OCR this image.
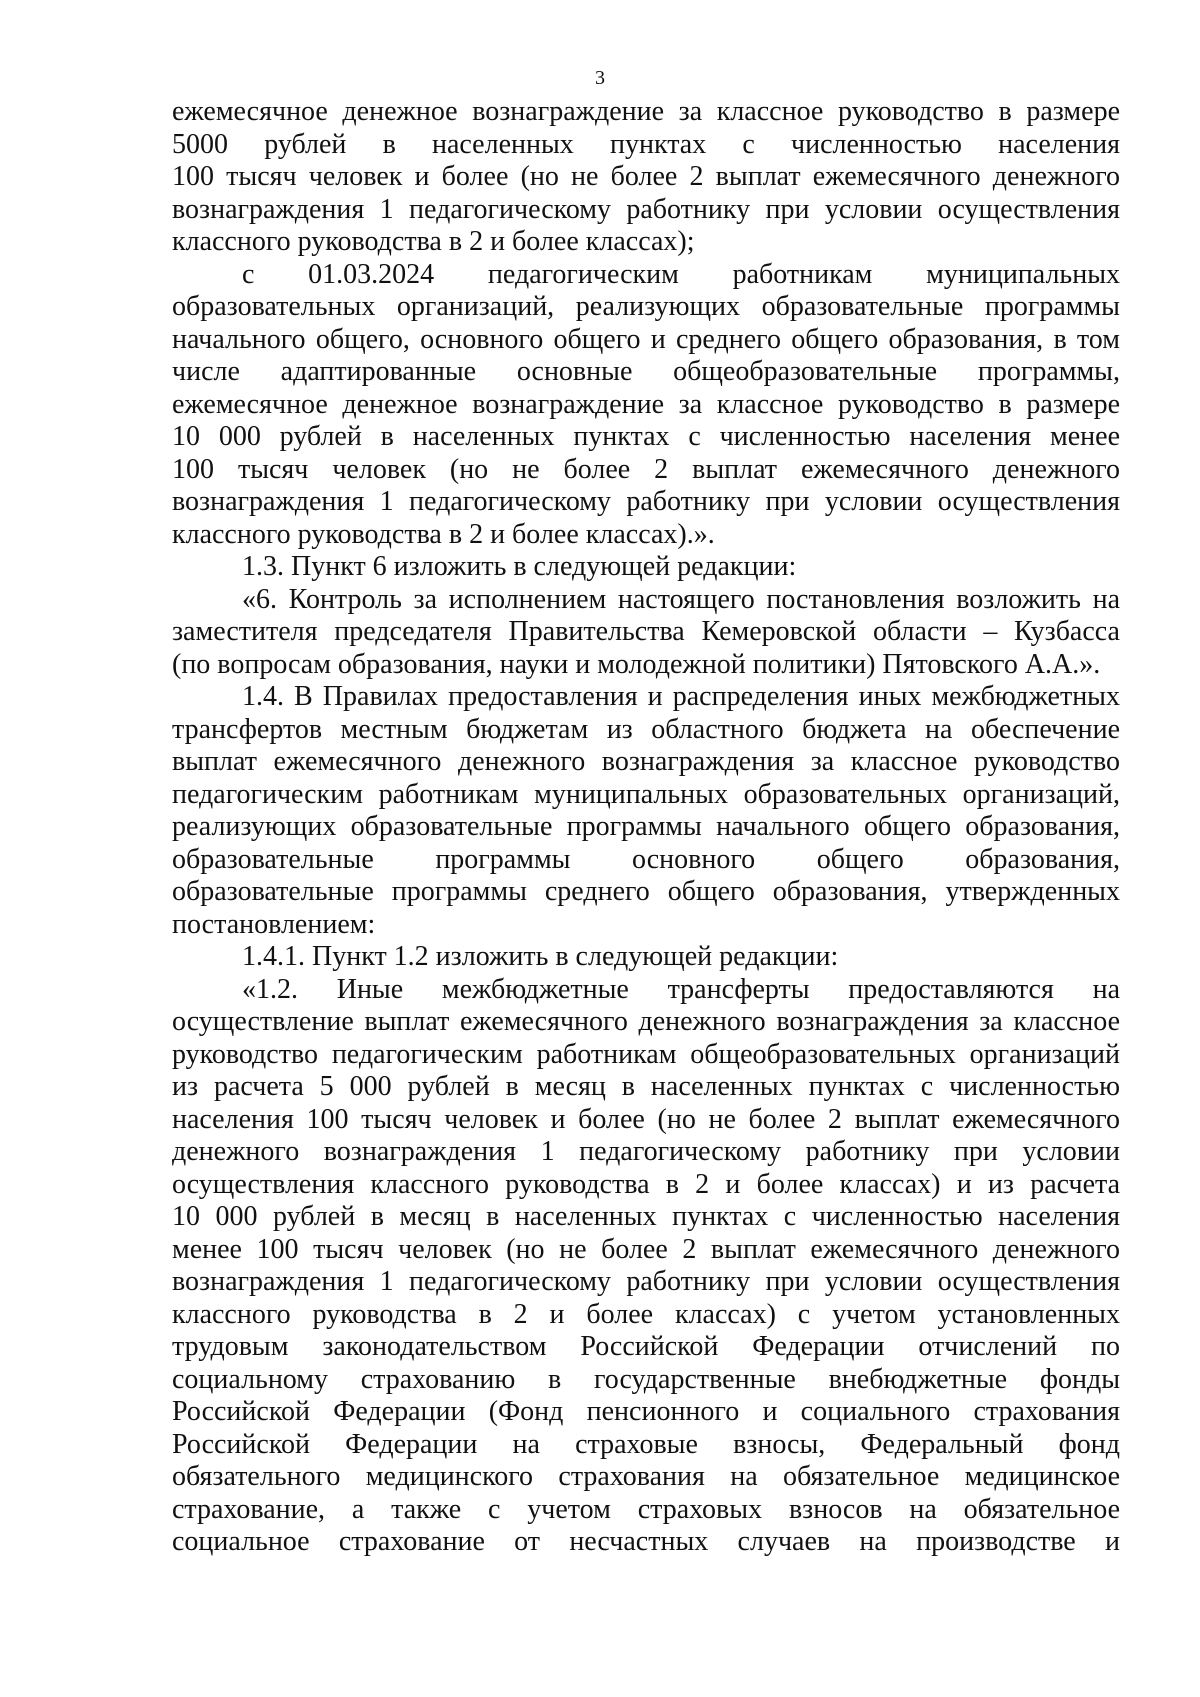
3
ежемесячное денежное вознаграждение за классное руководство в размере
5000 рублей в населенных пунктах с численностью населения
100 тысяч человек и более (но не более 2 выплат ежемесячного денежного
вознаграждения 1 педагогическому работнику при условии осуществления
классного руководства в 2 и более классах);
с 01.03.2024 педагогическим работникам муниципальных
образовательных организаций, реализующих образовательные программы
начального общего, основного общего и среднего общего образования, в том
числе адаптированные основные общеобразовательные программы,
ежемесячное денежное вознаграждение за классное руководство в размере
10 000 рублей в населенных пунктах с численностью населения менее
100 тысяч человек (но не более 2 выплат ежемесячного денежного
вознаграждения 1 педагогическому работнику при условии осуществления
классного руководства в 2 и более классах).».
1.3. Пункт 6 изложить в следующей редакции:
«6. Контроль за исполнением настоящего постановления возложить на
заместителя председателя Правительства Кемеровской области – Кузбасса
(по вопросам образования, науки и молодежной политики) Пятовского А.А.».
1.4. В Правилах предоставления и распределения иных межбюджетных
трансфертов местным бюджетам из областного бюджета на обеспечение
выплат ежемесячного денежного вознаграждения за классное руководство
педагогическим работникам муниципальных образовательных организаций,
реализующих образовательные программы начального общего образования,
образовательные программы основного общего образования,
образовательные программы среднего общего образования, утвержденных
постановлением:
1.4.1. Пункт 1.2 изложить в следующей редакции:
«1.2. Иные межбюджетные трансферты предоставляются на
осуществление выплат ежемесячного денежного вознаграждения за классное
руководство педагогическим работникам общеобразовательных организаций
из расчета 5 000 рублей в месяц в населенных пунктах с численностью
населения 100 тысяч человек и более (но не более 2 выплат ежемесячного
денежного вознаграждения 1 педагогическому работнику при условии
осуществления классного руководства в 2 и более классах) и из расчета
10 000 рублей в месяц в населенных пунктах с численностью населения
менее 100 тысяч человек (но не более 2 выплат ежемесячного денежного
вознаграждения 1 педагогическому работнику при условии осуществления
классного руководства в 2 и более классах) с учетом установленных
трудовым законодательством Российской Федерации отчислений по
социальному страхованию в государственные внебюджетные фонды
Российской Федерации (Фонд пенсионного и социального страхования
Российской Федерации на страховые взносы, Федеральный фонд
обязательного медицинского страхования на обязательное медицинское
страхование, а также с учетом страховых взносов на обязательное
социальное страхование от несчастных случаев на производстве и
